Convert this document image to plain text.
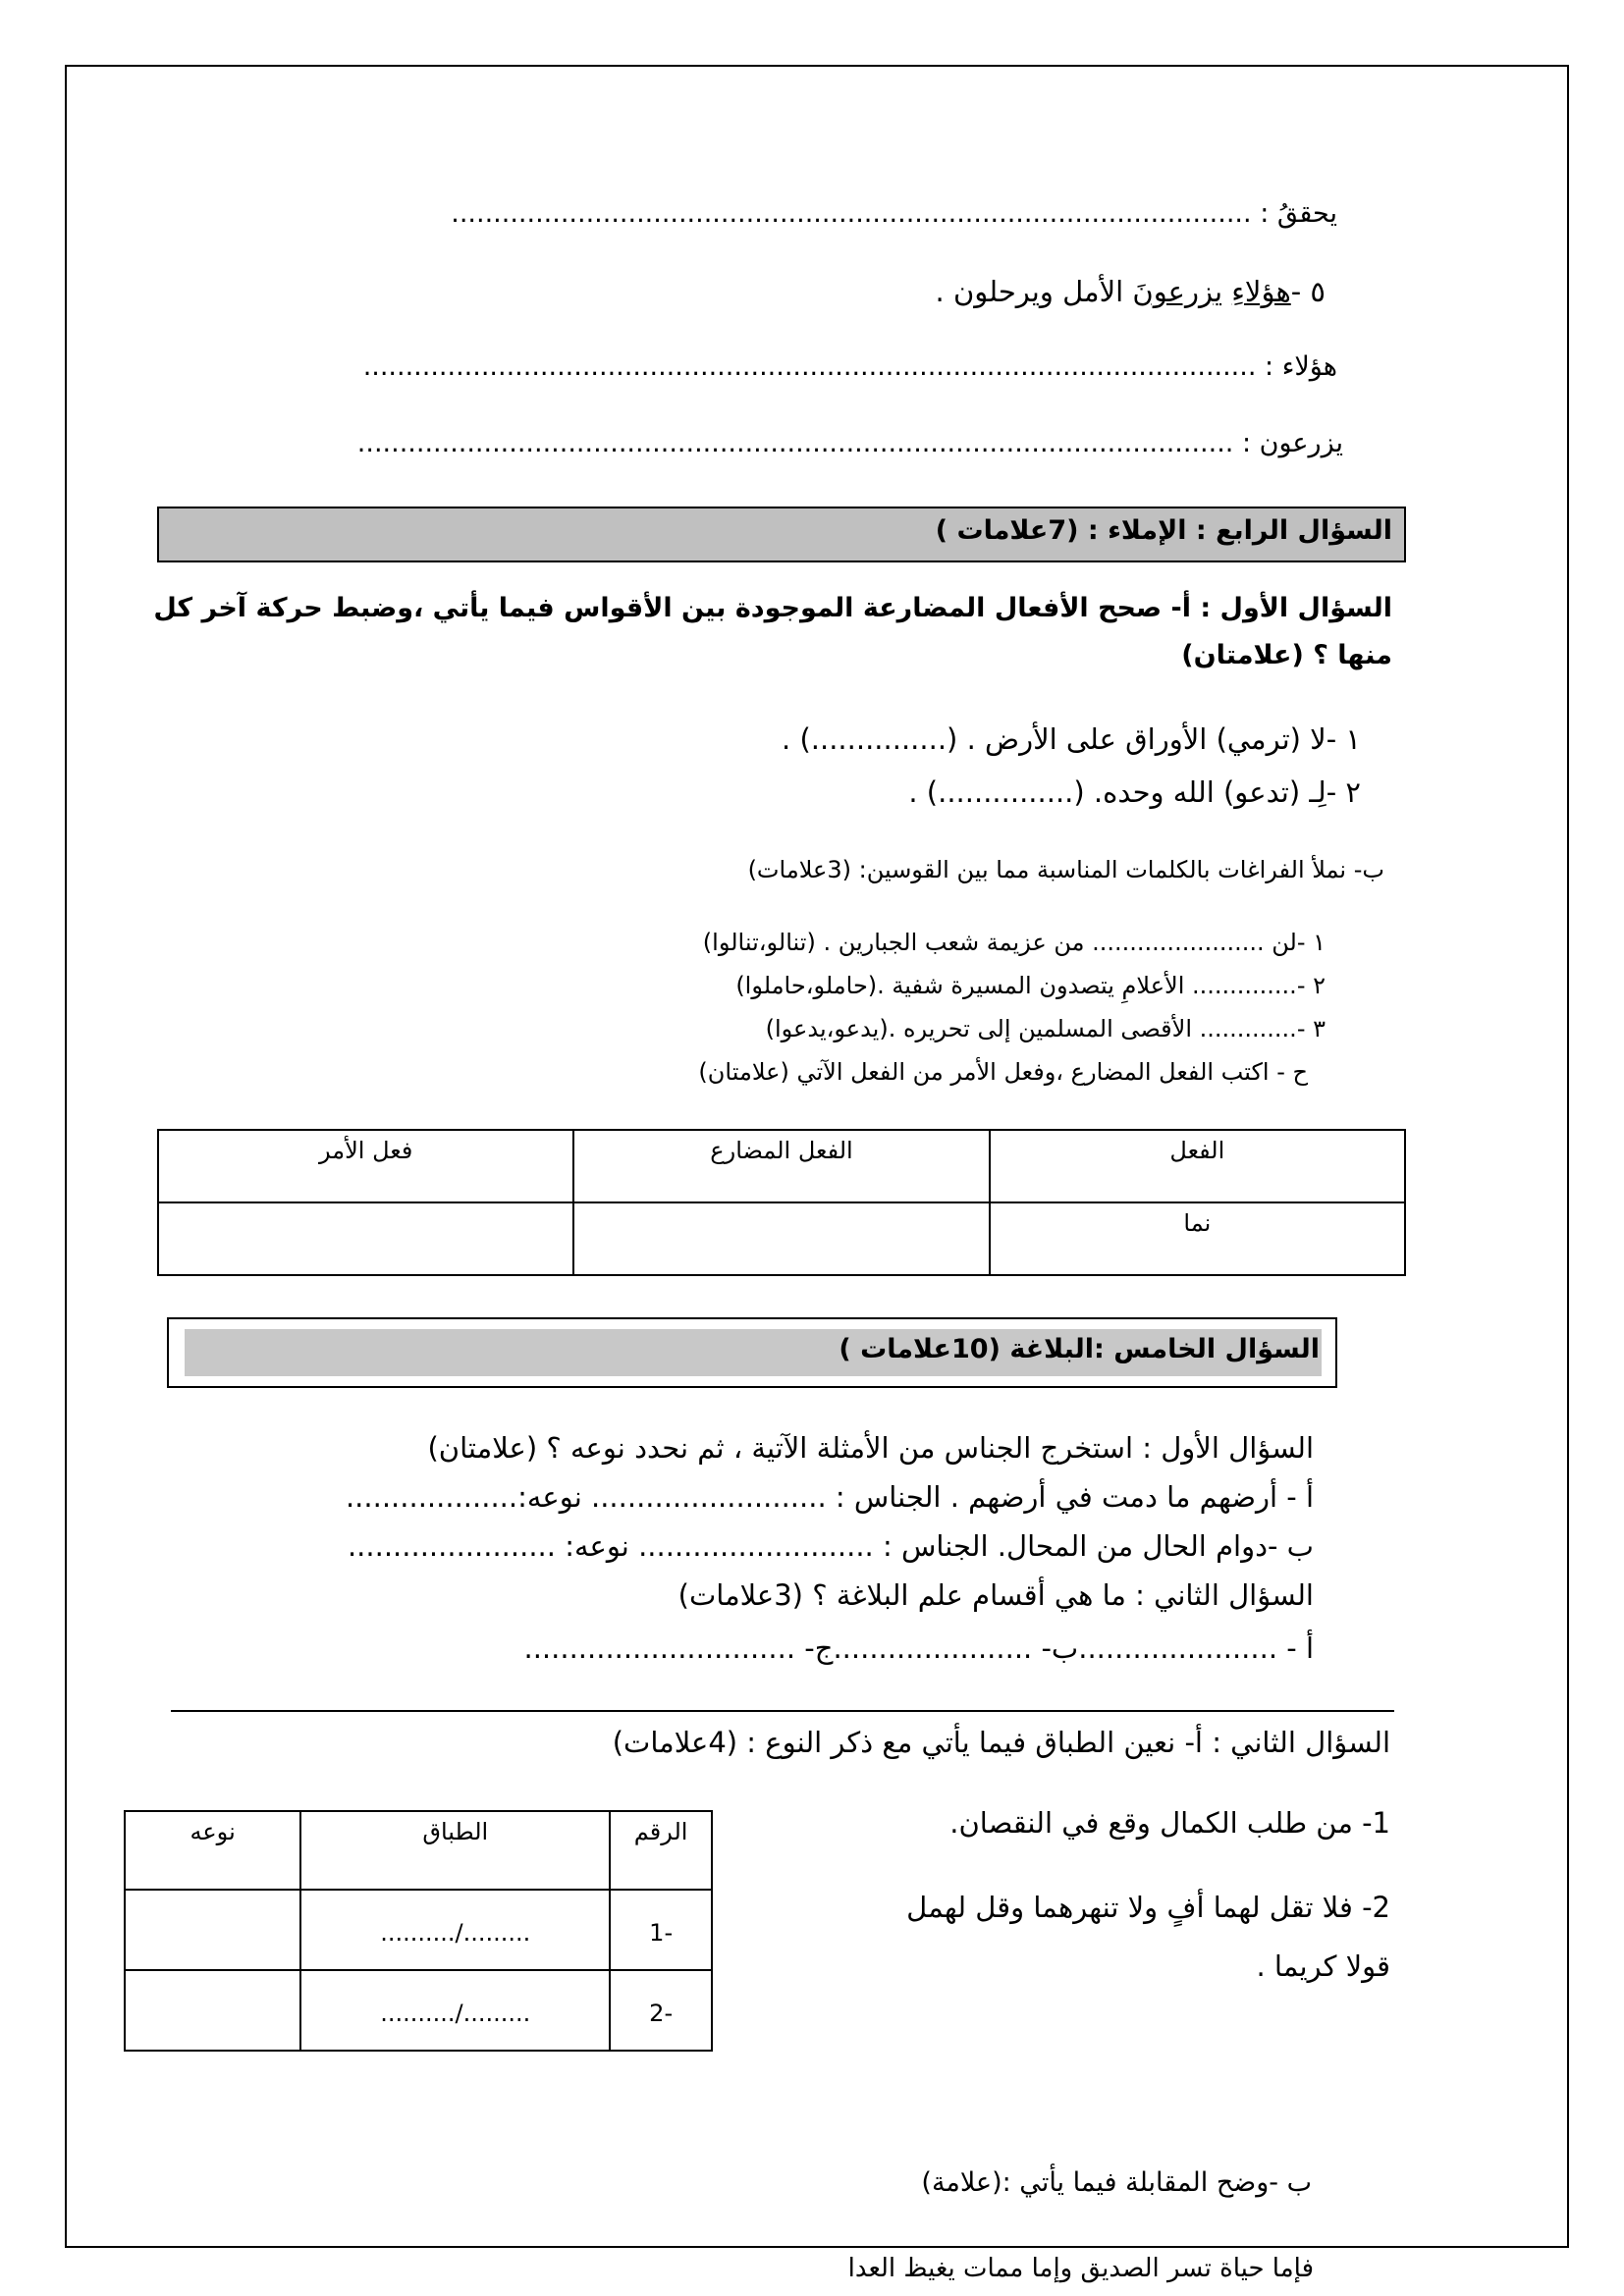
يحققُ : ...............................................................................................
٥ -هؤلاءِ يزرعونَ الأمل ويرحلون .
هؤلاء : ..........................................................................................................
يزرعون : ........................................................................................................
السؤال الرابع : الإملاء : (7علامات )
السؤال الأول : أ- صحح الأفعال المضارعة الموجودة بين الأقواس فيما يأتي ،وضبط حركة آخر كل
منها ؟ (علامتان)
١ -لا (ترمي) الأوراق على الأرض . (...............) .
٢ -لِـ (تدعو) الله وحده. (...............) .
ب- نملأ الفراغات بالكلمات المناسبة مما بين القوسين: (3علامات)
١ -لن ....................... من عزيمة شعب الجبارين . (تنالو،تنالوا)
٢ -.............. الأعلامِ يتصدون المسيرة شفية .(حاملو،حاملوا)
٣ -............. الأقصى المسلمين إلى تحريره .(يدعو،يدعوا)
ح - اكتب الفعل المضارع ،وفعل الأمر من الفعل الآتي (علامتان)
الفعل	الفعل المضارع	فعل الأمر
نما		
السؤال الخامس :البلاغة (10علامات )
السؤال الأول : استخرج الجناس من الأمثلة الآتية ، ثم نحدد نوعه ؟ (علامتان)
أ - أرضهم ما دمت في أرضهم . الجناس : .......................... نوعه:...................
ب -دوام الحال من المحال. الجناس : .......................... نوعه: .......................
السؤال الثاني : ما هي أقسام علم البلاغة ؟ (3علامات)
أ - ......................ب- ......................ج- ..............................
السؤال الثاني : أ- نعين الطباق فيما يأتي مع ذكر النوع : (4علامات)
1- من طلب الكمال وقع في النقصان.
2- فلا تقل لهما أفٍ ولا تنهرهما وقل لهمل
قولا كريما .
الرقم	الطباق	نوعه
-1	........./..........	
-2	........./..........	
ب -وضح المقابلة فيما يأتي :(علامة)
فإما حياة تسر الصديق وإما ممات يغيظ العدا
